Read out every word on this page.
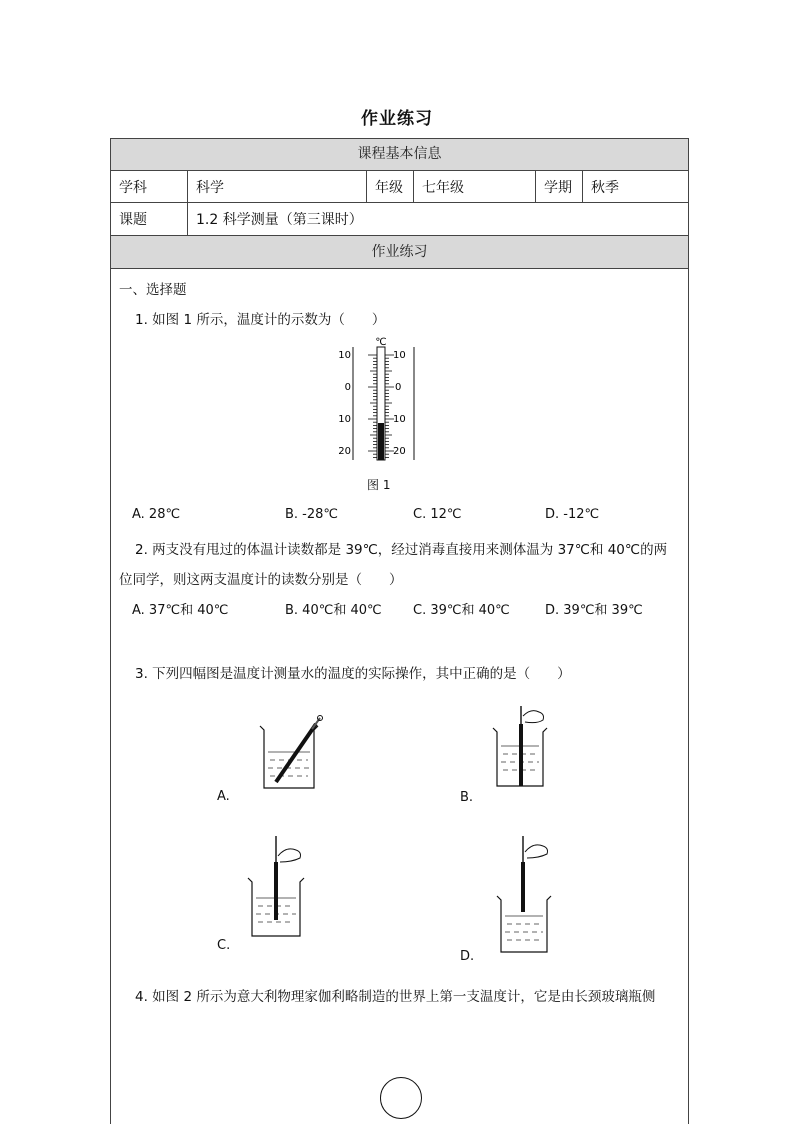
作业练习
课程基本信息
学科	科学	年级	七年级	学期	秋季
课题	1.2 科学测量（第三课时）
作业练习
一、选择题
1. 如图 1 所示，温度计的示数为（　　）
℃
10
0
10
20
10
0
10
20
图 1
A. 28℃	B. -28℃	C. 12℃	D. -12℃
2. 两支没有甩过的体温计读数都是 39℃，经过消毒直接用来测体温为 37℃和 40℃的两
位同学，则这两支温度计的读数分别是（　　）
A. 37℃和 40℃	B. 40℃和 40℃ C. 39℃和 40℃	D. 39℃和 39℃
3. 下列四幅图是温度计测量水的温度的实际操作，其中正确的是（　　）
A.	B.
C.
D.
4. 如图 2 所示为意大利物理家伽利略制造的世界上第一支温度计，它是由长颈玻璃瓶侧
